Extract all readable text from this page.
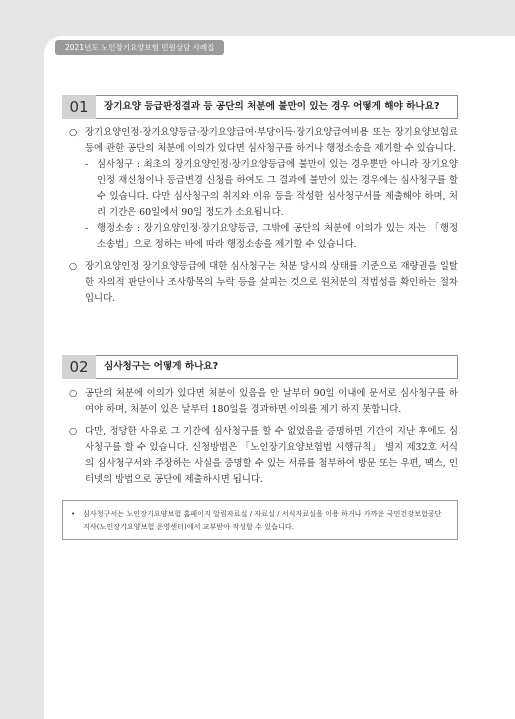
2021년도 노인장기요양보험 민원상담 사례집
01	장기요양 등급판정결과 등 공단의 처분에 불만이 있는 경우 어떻게 해야 하나요?
○ 장기요양인정·장기요양등급·장기요양급여·부당이득·장기요양급여비용 또는 장기요양보험료 등에 관한 공단의 처분에 이의가 있다면 심사청구를 하거나 행정소송을 제기할 수 있습니다.
- 심사청구 : 최초의 장기요양인정·장기요양등급에 불만이 있는 경우뿐만 아니라 장기요양인정 재신청이나 등급변경 신청을 하여도 그 결과에 불만이 있는 경우에는 심사청구를 할 수 있습니다. 다만 심사청구의 취지와 이유 등을 작성한 심사청구서를 제출해야 하며, 처리 기간은 60일에서 90일 정도가 소요됩니다.
- 행정소송 : 장기요양인정·장기요양등급, 그밖에 공단의 처분에 이의가 있는 자는 「행정소송법」으로 정하는 바에 따라 행정소송을 제기할 수 있습니다.
○ 장기요양인정 장기요양등급에 대한 심사청구는 처분 당시의 상태를 기준으로 재량권을 일탈한 자의적 판단이나 조사항목의 누락 등을 살피는 것으로 원처분의 적법성을 확인하는 절차입니다.
02	심사청구는 어떻게 하나요?
○ 공단의 처분에 이의가 있다면 처분이 있음을 안 날부터 90일 이내에 문서로 심사청구를 하여야 하며, 처분이 있은 날부터 180일을 경과하면 이의를 제기 하지 못합니다.
○ 다만, 정당한 사유로 그 기간에 심사청구를 할 수 없었음을 증명하면 기간이 지난 후에도 심사청구를 할 수 있습니다. 신청방법은 「노인장기요양보험법 시행규칙」 별지 제32호 서식의 심사청구서와 주장하는 사실을 증명할 수 있는 서류를 첨부하여 방문 또는 우편, 팩스, 인터넷의 방법으로 공단에 제출하시면 됩니다.
• 심사청구서는 노인장기요양보험 홈페이지 알림자료실 / 자료실 / 서식자료실을 이용 하거나 가까운 국민건강보험공단 지사(노인장기요양보험 운영센터)에서 교부받아 작성할 수 있습니다.
